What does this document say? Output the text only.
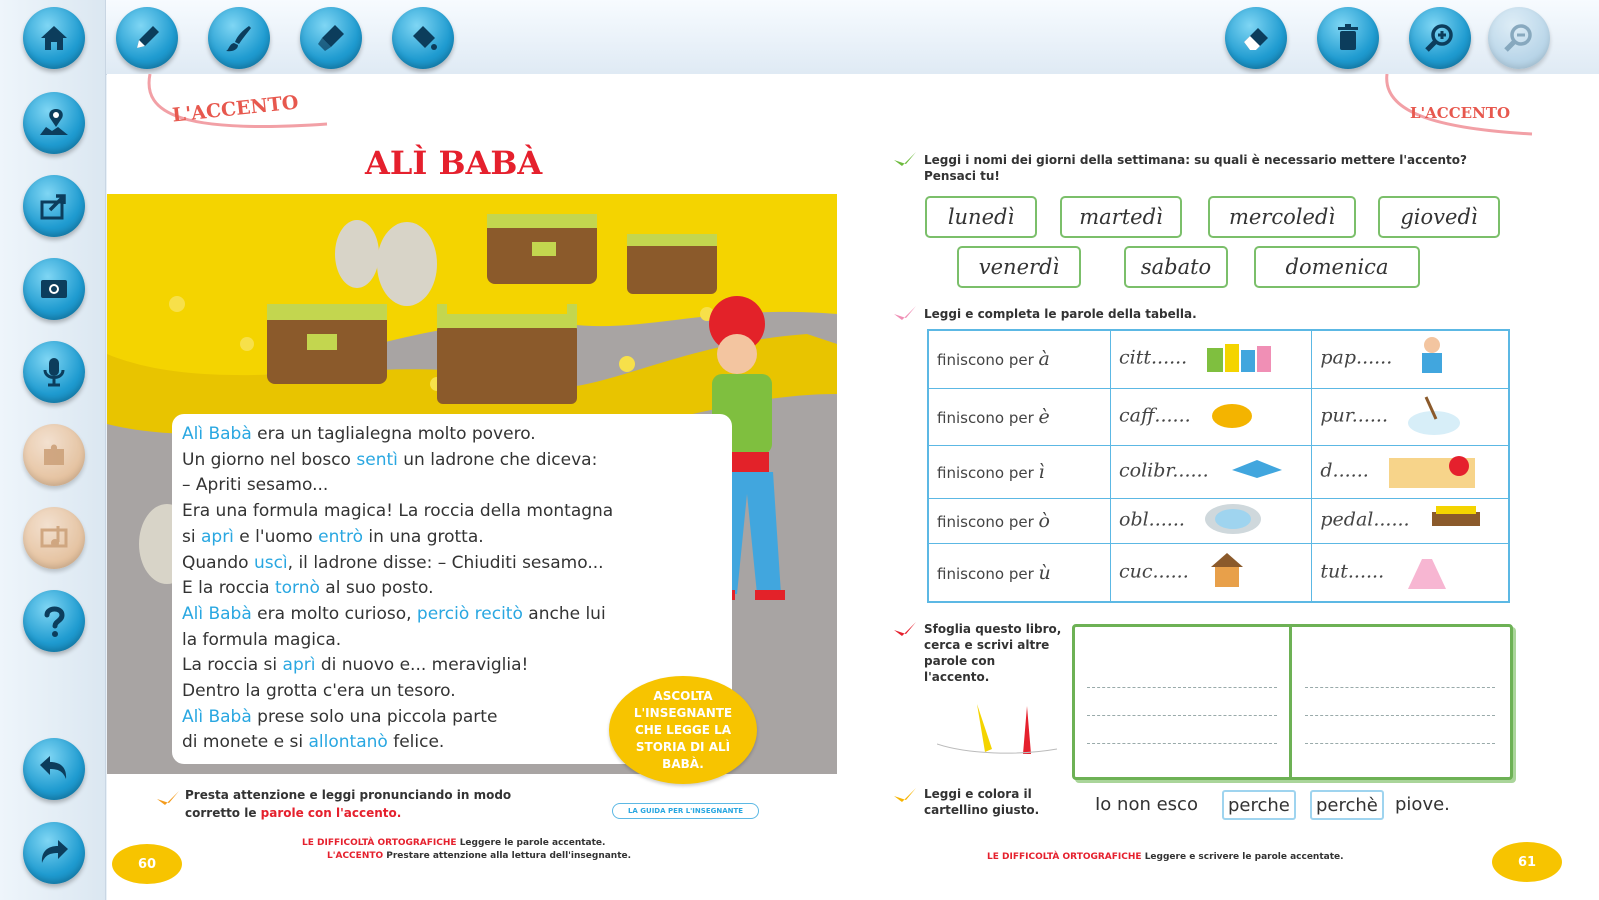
L'ACCENTO
ALÌ BABÀ

Alì Babà era un taglialegna molto povero.

Un giorno nel bosco sentì un ladrone che diceva:

– Apriti sesamo...

Era una formula magica! La roccia della montagna

si aprì e l'uomo entrò in una grotta.

Quando uscì, il ladrone disse: – Chiuditi sesamo...

E la roccia tornò al suo posto.

Alì Babà era molto curioso, perciò recitò anche lui

la formula magica.

La roccia si aprì di nuovo e... meraviglia!

Dentro la grotta c'era un tesoro.

Alì Babà prese solo una piccola parte

di monete e si allontanò felice.

ASCOLTA L'INSEGNANTE CHE LEGGE LA STORIA DI ALÌ BABÀ.
Presta attenzione e leggi pronunciando in modo
corretto le parole con l'accento.	LA GUIDA PER L'INSEGNANTE
LE DIFFICOLTÀ ORTOGRAFICHE Leggere le parole accentate.
L'ACCENTO Prestare attenzione alla lettura dell'insegnante.
60
L'ACCENTO
Leggi i nomi dei giorni della settimana: su quali è necessario mettere l'accento? Pensaci tu!
lunedì	martedì	mercoledì	giovedì
venerdì	sabato	domenica
Leggi e completa le parole della tabella.
finiscono per à	citt......	pap......
finiscono per è	caff......	pur......
finiscono per ì	colibr......	d......
finiscono per ò	obl......	pedal......
finiscono per ù	cuc......	tut......
Sfoglia questo libro, cerca e scrivi altre parole con l'accento.
Leggi e colora il cartellino giusto.	Io non esco	perche	perchè piove.
LE DIFFICOLTÀ ORTOGRAFICHE Leggere e scrivere le parole accentate.	61
